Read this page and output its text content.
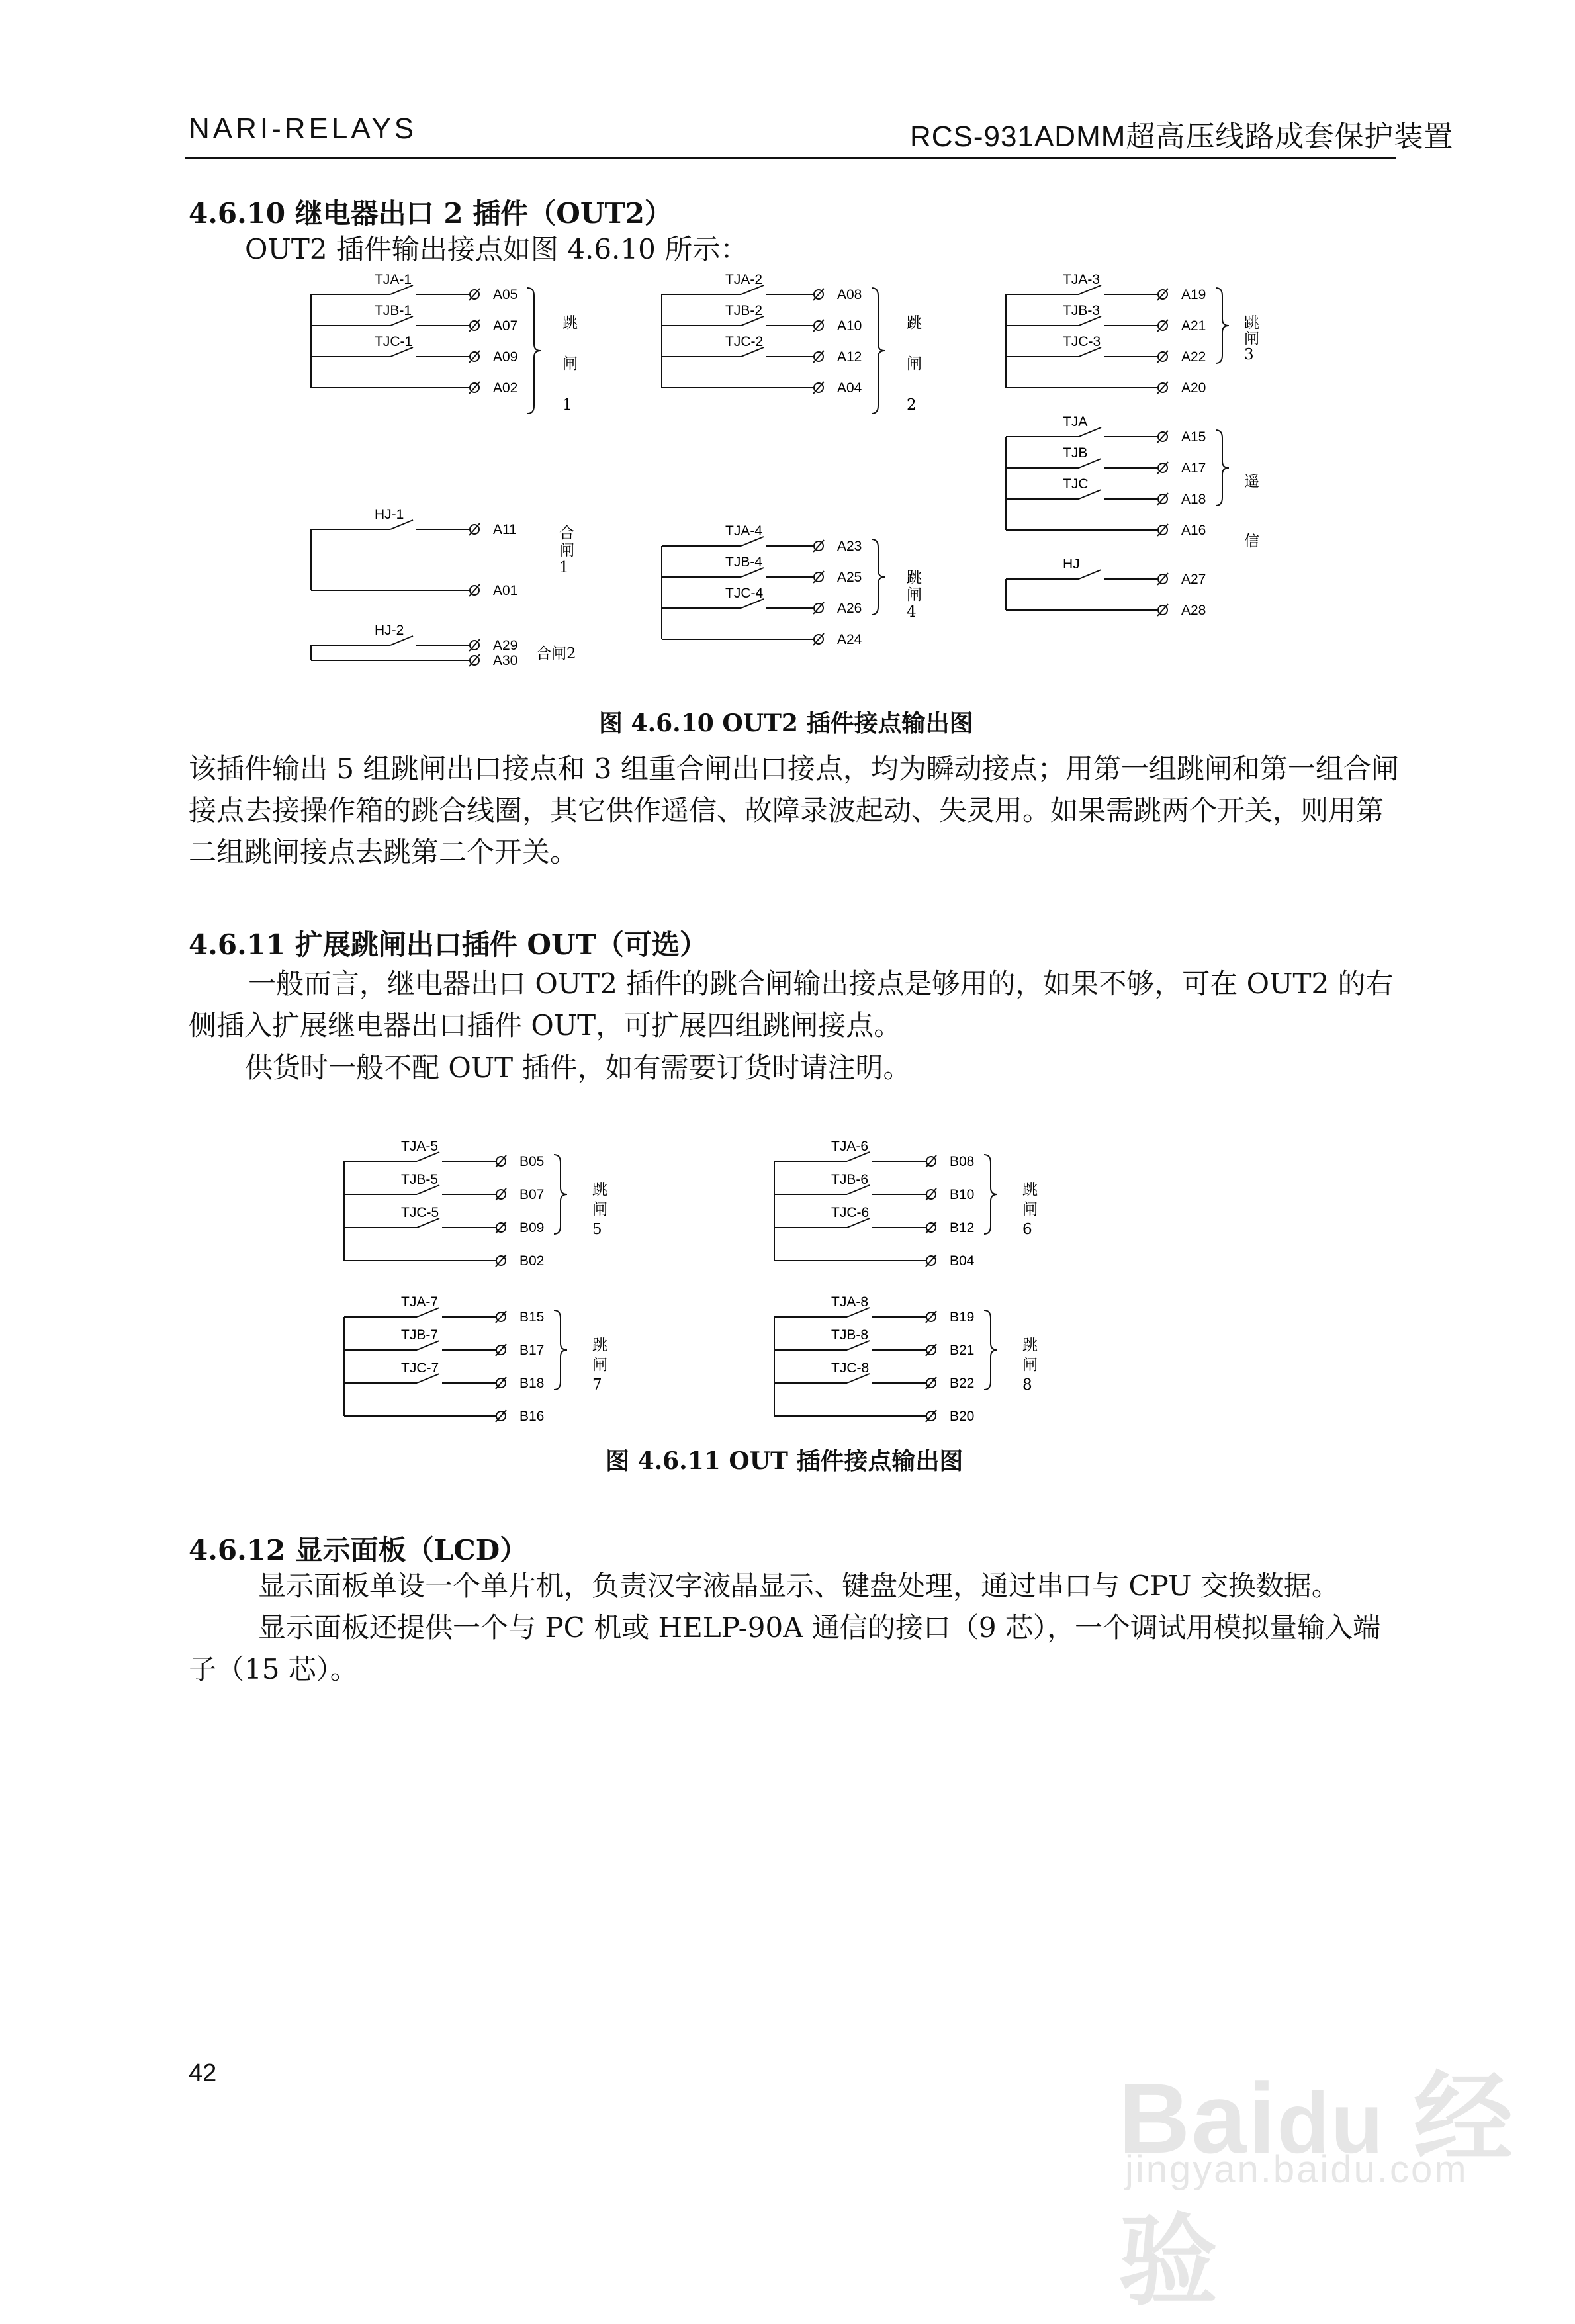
NARI-RELAYS	RCS-931ADMM超高压线路成套保护装置
4.6.10 继电器出口 2 插件（OUT2）
OUT2 插件输出接点如图 4.6.10 所示：
TJA-1
A05
TJB-1
A07
TJC-1
A09
A02
跳
闸
1
TJA-2
A08
TJB-2
A10
TJC-2
A12
A04
跳
闸
2
TJA-3
A19
TJB-3
A21
TJC-3
A22
A20
跳
闸
3
HJ-1
A11
A01
合
闸
1
HJ-2
A29
A30 合闸2
TJA-4
A23
TJB-4
A25
TJC-4
A26
A24
跳
闸
4
TJA
A15
TJB
A17
TJC
A18
A16
遥
信
HJ
A27
A28
图 4.6.10 OUT2 插件接点输出图
该插件输出 5 组跳闸出口接点和 3 组重合闸出口接点，均为瞬动接点；用第一组跳闸和第一组合闸接点去接操作箱的跳合线圈，其它供作遥信、故障录波起动、失灵用。如果需跳两个开关，则用第二组跳闸接点去跳第二个开关。
4.6.11 扩展跳闸出口插件 OUT（可选）
一般而言，继电器出口 OUT2 插件的跳合闸输出接点是够用的，如果不够，可在 OUT2 的右侧插入扩展继电器出口插件 OUT，可扩展四组跳闸接点。
供货时一般不配 OUT 插件，如有需要订货时请注明。
TJA-5
B05
TJB-5
B07
TJC-5
B09
B02
跳
闸
5
TJA-6
B08
TJB-6
B10
TJC-6
B12
B04
跳
闸
6
TJA-7
B15
TJB-7
B17
TJC-7
B18
B16
跳
闸
7
TJA-8
B19
TJB-8
B21
TJC-8
B22
B20
跳
闸
8
图 4.6.11 OUT 插件接点输出图
4.6.12 显示面板（LCD）
显示面板单设一个单片机，负责汉字液晶显示、键盘处理，通过串口与 CPU 交换数据。
显示面板还提供一个与 PC 机或 HELP-90A 通信的接口（9 芯），一个调试用模拟量输入端子（15 芯）。
42	Baidu 经验
jingyan.baidu.com
